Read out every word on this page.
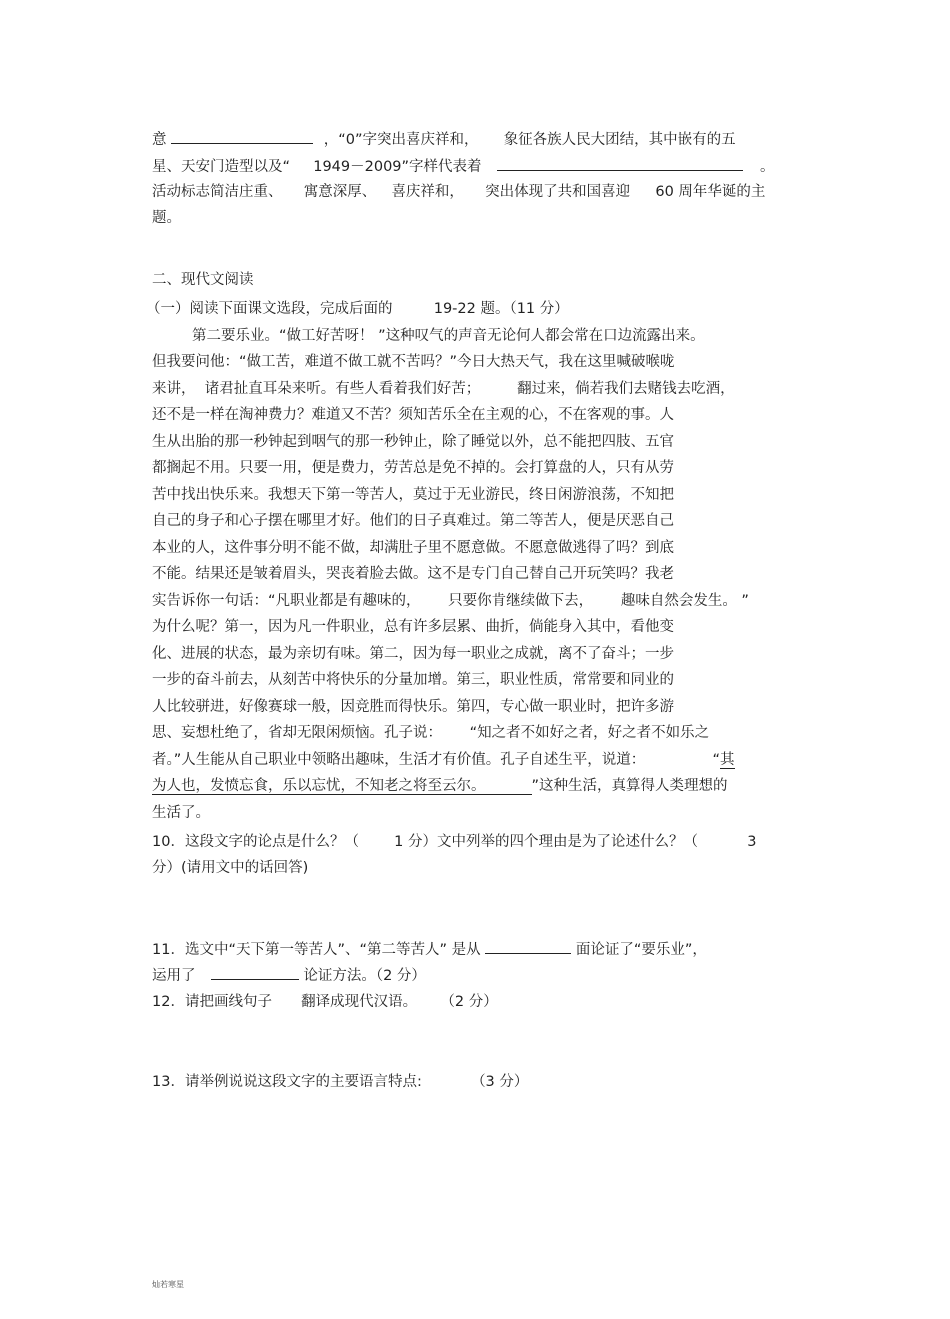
意	，“0”字突出喜庆祥和， 象征各族人民大团结，其中嵌有的五
星、天安门造型以及“ 1949－2009”字样代表着	。
活动标志简洁庄重、 寓意深厚、 喜庆祥和， 突出体现了共和国喜迎 60 周年华诞的主
题。
二、现代文阅读
（一）阅读下面课文选段，完成后面的	19-22 题。（11 分）
第二要乐业。“做工好苦呀！ ”这种叹气的声音无论何人都会常在口边流露出来。
但我要问他：“做工苦，难道不做工就不苦吗？”今日大热天气，我在这里喊破喉咙
来讲，  诸君扯直耳朵来听。有些人看着我们好苦；        翻过来，倘若我们去赌钱去吃酒，
还不是一样在淘神费力？难道又不苦？须知苦乐全在主观的心，不在客观的事。人
生从出胎的那一秒钟起到咽气的那一秒钟止，除了睡觉以外，总不能把四肢、五官
都搁起不用。只要一用，便是费力，劳苦总是免不掉的。会打算盘的人，只有从劳
苦中找出快乐来。我想天下第一等苦人，莫过于无业游民，终日闲游浪荡，不知把
自己的身子和心子摆在哪里才好。他们的日子真难过。第二等苦人，便是厌恶自己
本业的人，这件事分明不能不做，却满肚子里不愿意做。不愿意做逃得了吗？到底
不能。结果还是皱着眉头，哭丧着脸去做。这不是专门自己替自己开玩笑吗？我老
实告诉你一句话：“凡职业都是有趣味的，      只要你肯继续做下去，      趣味自然会发生。 ”
为什么呢？第一，因为凡一件职业，总有许多层累、曲折，倘能身入其中，看他变
化、进展的状态，最为亲切有味。第二，因为每一职业之成就，离不了奋斗；一步
一步的奋斗前去，从刻苦中将快乐的分量加增。第三，职业性质，常常要和同业的
人比较骈进，好像赛球一般，因竞胜而得快乐。第四，专心做一职业时，把许多游
思、妄想杜绝了，省却无限闲烦恼。孔子说：      “知之者不如好之者，好之者不如乐之
者。”人生能从自己职业中领略出趣味，生活才有价值。孔子自述生平，说道：	“其
为人也，发愤忘食，乐以忘忧，不知老之将至云尔。	”这种生活，真算得人类理想的
生活了。
10．这段文字的论点是什么？（ 1 分）文中列举的四个理由是为了论述什么？（	3
分）(请用文中的话回答)
11．选文中“天下第一等苦人”、“第二等苦人” 是从	面论证了“要乐业”，
运用了	论证方法。（2 分）
12．请把画线句子 翻译成现代汉语。 （2 分）
13．请举例说说这段文字的主要语言特点:	（3 分）
灿若寒星
